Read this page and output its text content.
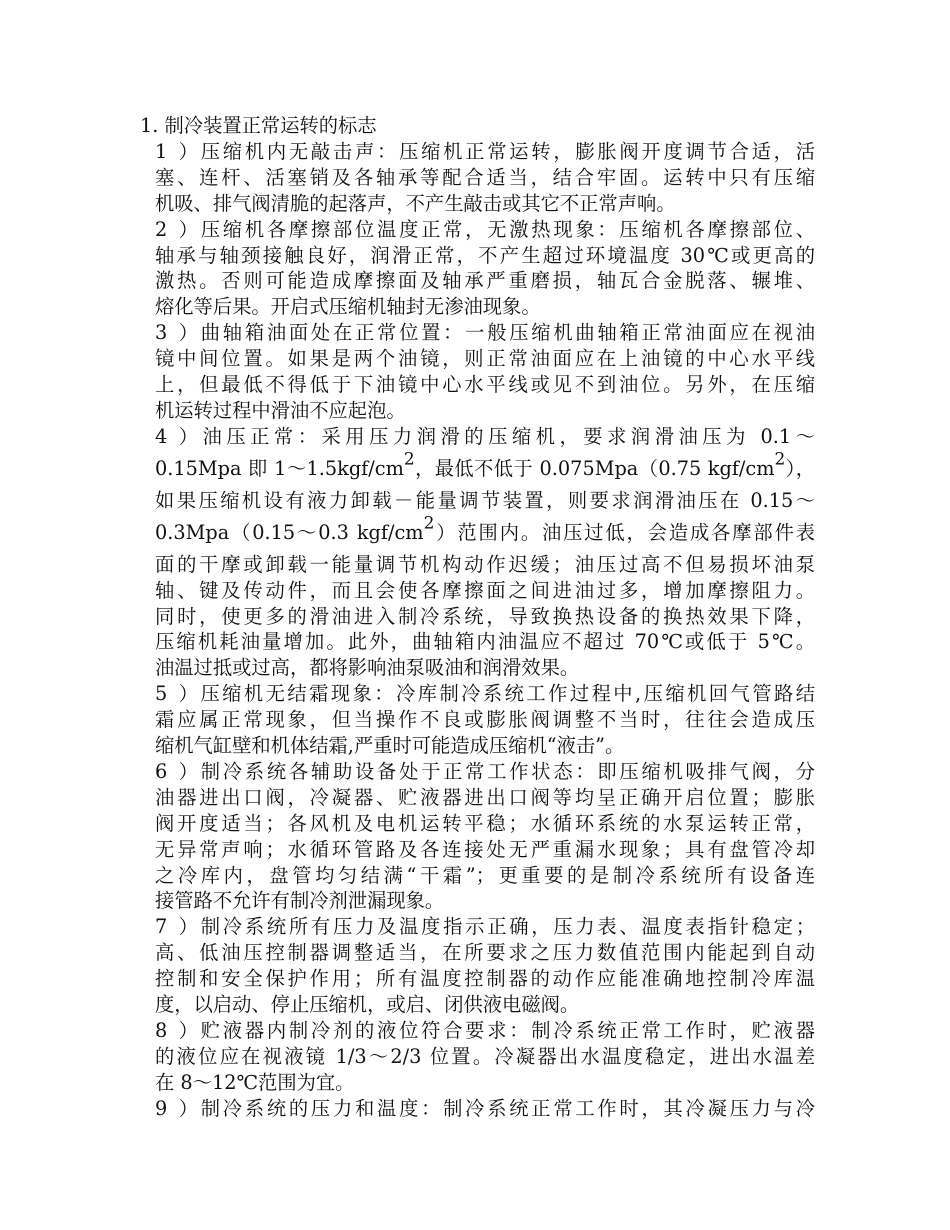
1. 制冷装置正常运转的标志
1）压缩机内无敲击声：压缩机正常运转，膨胀阀开度调节合适，活
塞、连杆、活塞销及各轴承等配合适当，结合牢固。运转中只有压缩
机吸、排气阀清脆的起落声，不产生敲击或其它不正常声响。
2）压缩机各摩擦部位温度正常，无激热现象：压缩机各摩擦部位、
轴承与轴颈接触良好，润滑正常，不产生超过环境温度 30℃或更高的
激热。否则可能造成摩擦面及轴承严重磨损，轴瓦合金脱落、辗堆、
熔化等后果。开启式压缩机轴封无渗油现象。
3）曲轴箱油面处在正常位置：一般压缩机曲轴箱正常油面应在视油
镜中间位置。如果是两个油镜，则正常油面应在上油镜的中心水平线
上，但最低不得低于下油镜中心水平线或见不到油位。另外，在压缩
机运转过程中滑油不应起泡。
4）油压正常：采用压力润滑的压缩机，要求润滑油压为 0.1～
0.15Mpa 即 $1\sim 1.5kgf/cm^2$，最低不低于 0.075Mpa（0.75 kgf/$cm^2$），
如果压缩机设有液力卸载－能量调节装置，则要求润滑油压在 0.15～
0.3Mpa（0.15～0.3 kgf/$cm^2$）范围内。油压过低，会造成各摩部件表
面的干摩或卸载一能量调节机构动作迟缓；油压过高不但易损坏油泵
轴、键及传动件，而且会使各摩擦面之间进油过多，增加摩擦阻力。
同时，使更多的滑油进入制冷系统，导致换热设备的换热效果下降，
压缩机耗油量增加。此外，曲轴箱内油温应不超过 70℃或低于 5℃。
油温过抵或过高，都将影响油泵吸油和润滑效果。
5）压缩机无结霜现象：冷库制冷系统工作过程中,压缩机回气管路结
霜应属正常现象，但当操作不良或膨胀阀调整不当时，往往会造成压
缩机气缸壁和机体结霜,严重时可能造成压缩机“液击”。
6）制冷系统各辅助设备处于正常工作状态：即压缩机吸排气阀，分
油器进出口阀，冷凝器、贮液器进出口阀等均呈正确开启位置；膨胀
阀开度适当；各风机及电机运转平稳；水循环系统的水泵运转正常，
无异常声响；水循环管路及各连接处无严重漏水现象；具有盘管冷却
之冷库内，盘管均匀结满“干霜”；更重要的是制冷系统所有设备连
接管路不允许有制冷剂泄漏现象。
7）制冷系统所有压力及温度指示正确，压力表、温度表指针稳定；
高、低油压控制器调整适当，在所要求之压力数值范围内能起到自动
控制和安全保护作用；所有温度控制器的动作应能准确地控制冷库温
度，以启动、停止压缩机，或启、闭供液电磁阀。
8）贮液器内制冷剂的液位符合要求：制冷系统正常工作时，贮液器
的液位应在视液镜 1/3～2/3 位置。冷凝器出水温度稳定，进出水温差
在 8～12℃范围为宜。
9）制冷系统的压力和温度：制冷系统正常工作时，其冷凝压力与冷
